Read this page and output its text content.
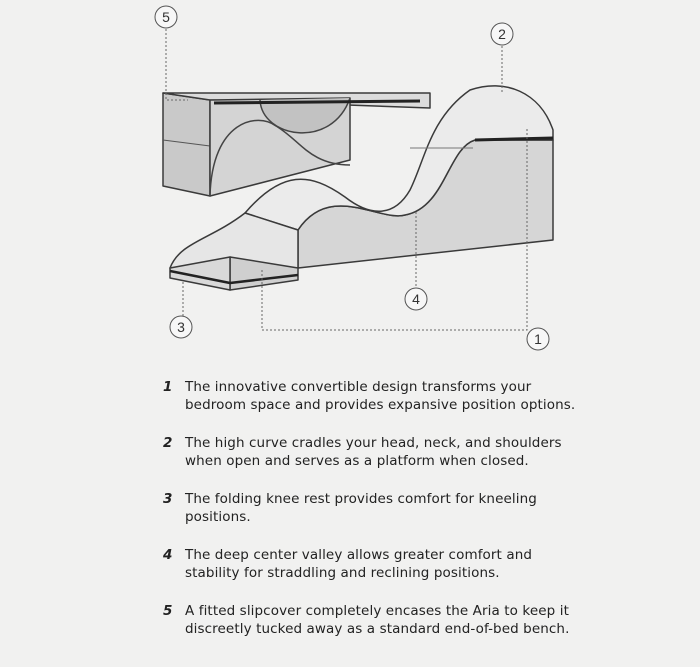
1
2
3
4
5
1 The innovative convertible design transforms your bedroom space and provides expansive position options.
2 The high curve cradles your head, neck, and shoulders when open and serves as a platform when closed.
3 The folding knee rest provides comfort for kneeling positions.
4 The deep center valley allows greater comfort and stability for straddling and reclining positions.
5 A fitted slipcover completely encases the Aria to keep it discreetly tucked away as a standard end-of-bed bench.
